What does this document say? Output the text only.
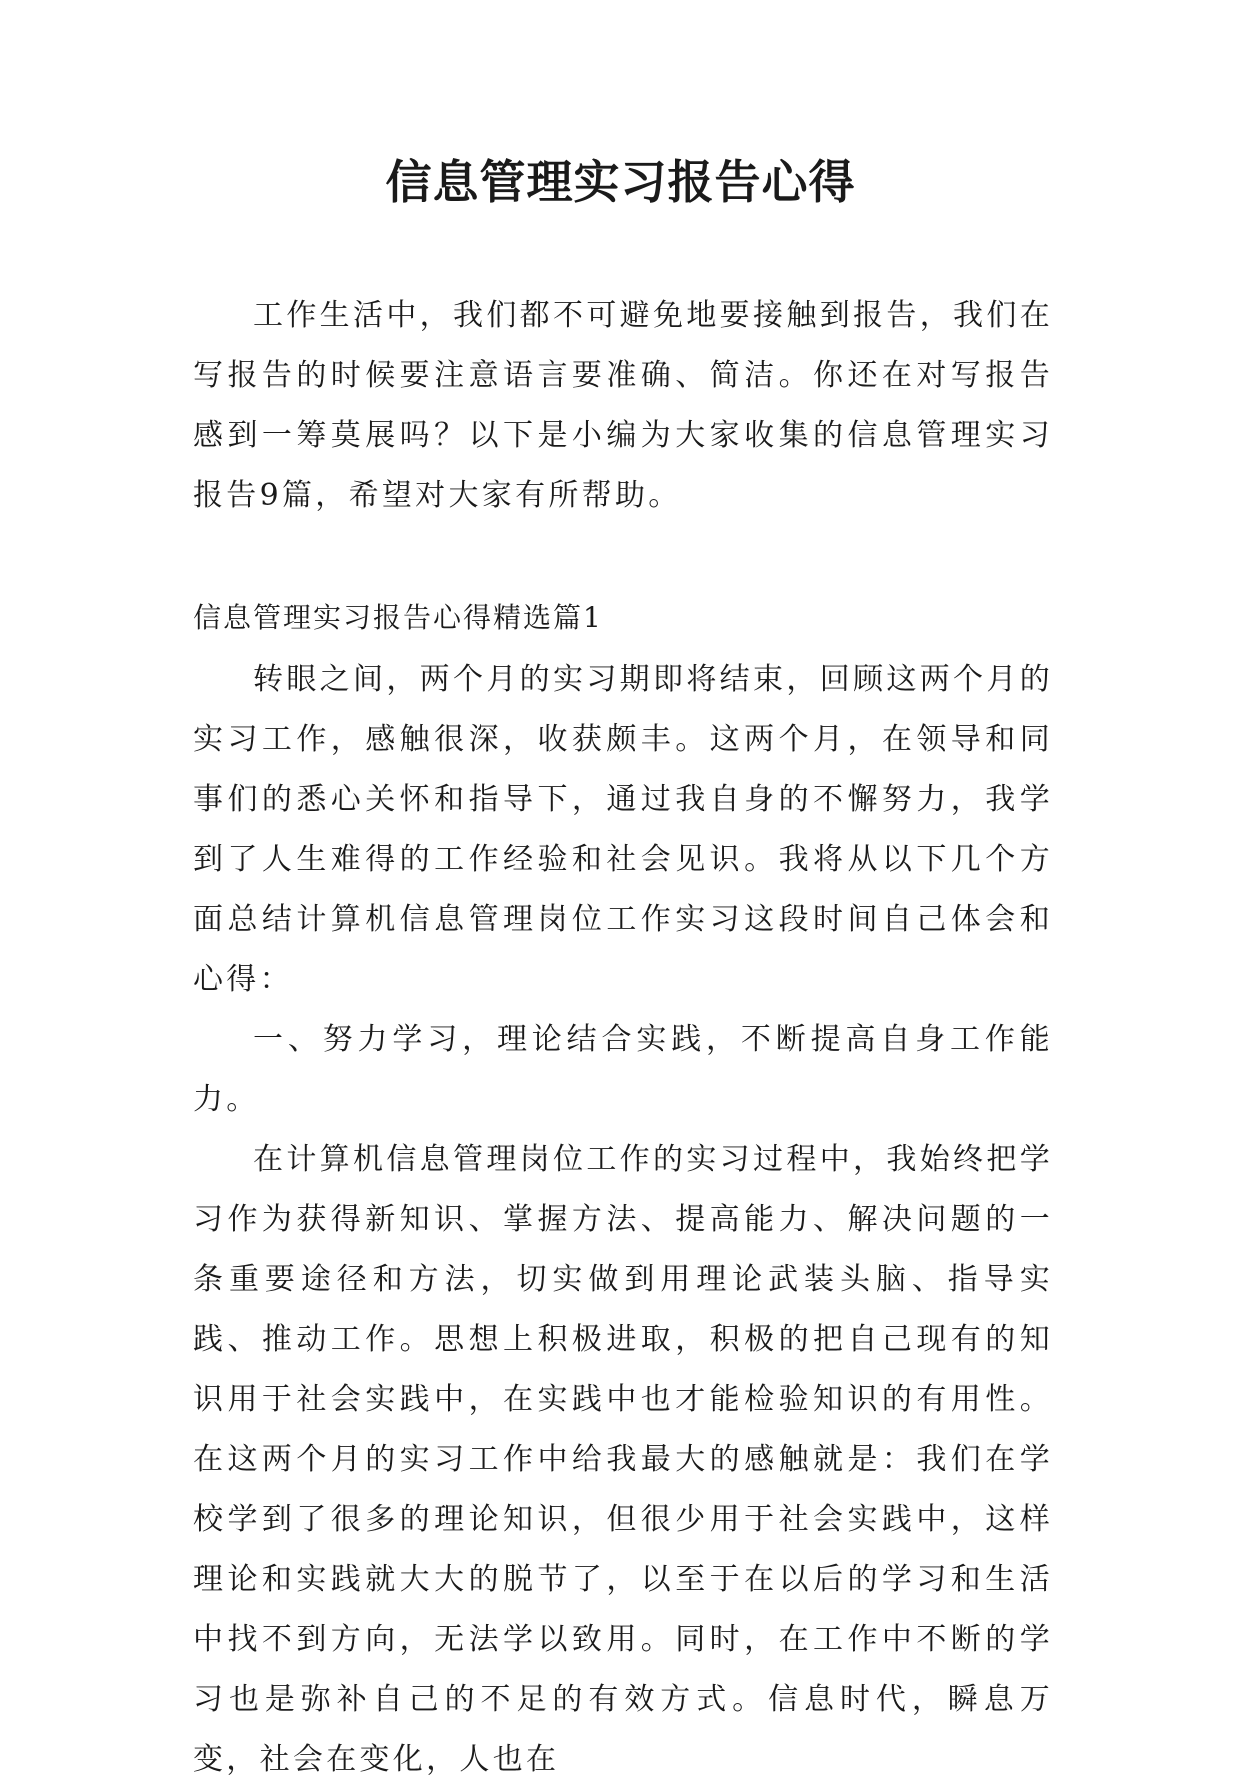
信息管理实习报告心得

工作生活中，我们都不可避免地要接触到报告，我们在写报告的时候要注意语言要准确、简洁。你还在对写报告感到一筹莫展吗？以下是小编为大家收集的信息管理实习报告9篇，希望对大家有所帮助。

信息管理实习报告心得精选篇1

转眼之间，两个月的实习期即将结束，回顾这两个月的实习工作，感触很深，收获颇丰。这两个月，在领导和同事们的悉心关怀和指导下，通过我自身的不懈努力，我学到了人生难得的工作经验和社会见识。我将从以下几个方面总结计算机信息管理岗位工作实习这段时间自己体会和心得：

一、努力学习，理论结合实践，不断提高自身工作能力。

在计算机信息管理岗位工作的实习过程中，我始终把学习作为获得新知识、掌握方法、提高能力、解决问题的一条重要途径和方法，切实做到用理论武装头脑、指导实践、推动工作。思想上积极进取，积极的把自己现有的知识用于社会实践中，在实践中也才能检验知识的有用性。在这两个月的实习工作中给我最大的感触就是：我们在学校学到了很多的理论知识，但很少用于社会实践中，这样理论和实践就大大的脱节了，以至于在以后的学习和生活中找不到方向，无法学以致用。同时，在工作中不断的学习也是弥补自己的不足的有效方式。信息时代，瞬息万变，社会在变化，人也在
